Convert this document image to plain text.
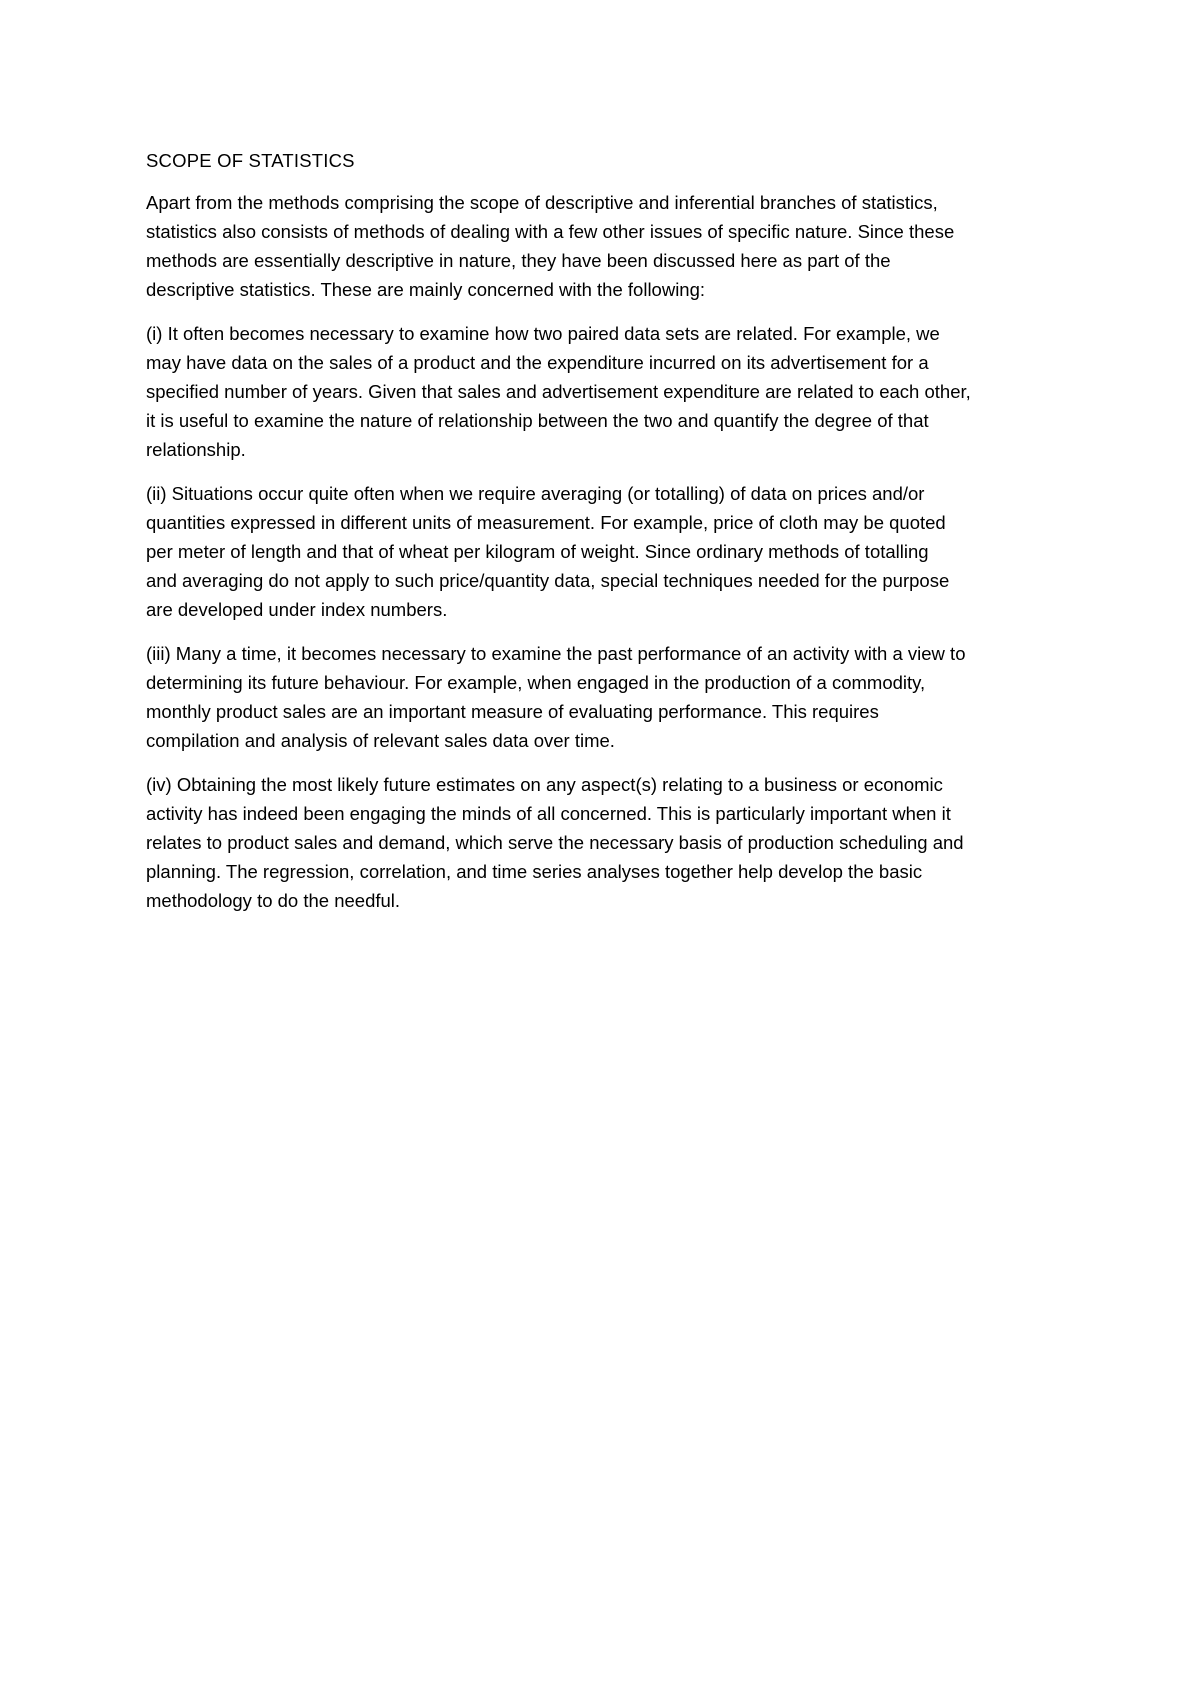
SCOPE OF STATISTICS

Apart from the methods comprising the scope of descriptive and inferential branches of statistics,
statistics also consists of methods of dealing with a few other issues of specific nature. Since these
methods are essentially descriptive in nature, they have been discussed here as part of the
descriptive statistics. These are mainly concerned with the following:

(i) It often becomes necessary to examine how two paired data sets are related. For example, we
may have data on the sales of a product and the expenditure incurred on its advertisement for a
specified number of years. Given that sales and advertisement expenditure are related to each other,
it is useful to examine the nature of relationship between the two and quantify the degree of that
relationship.

(ii) Situations occur quite often when we require averaging (or totalling) of data on prices and/or
quantities expressed in different units of measurement. For example, price of cloth may be quoted
per meter of length and that of wheat per kilogram of weight. Since ordinary methods of totalling
and averaging do not apply to such price/quantity data, special techniques needed for the purpose
are developed under index numbers.

(iii) Many a time, it becomes necessary to examine the past performance of an activity with a view to
determining its future behaviour. For example, when engaged in the production of a commodity,
monthly product sales are an important measure of evaluating performance. This requires
compilation and analysis of relevant sales data over time.

(iv) Obtaining the most likely future estimates on any aspect(s) relating to a business or economic
activity has indeed been engaging the minds of all concerned. This is particularly important when it
relates to product sales and demand, which serve the necessary basis of production scheduling and
planning. The regression, correlation, and time series analyses together help develop the basic
methodology to do the needful.
